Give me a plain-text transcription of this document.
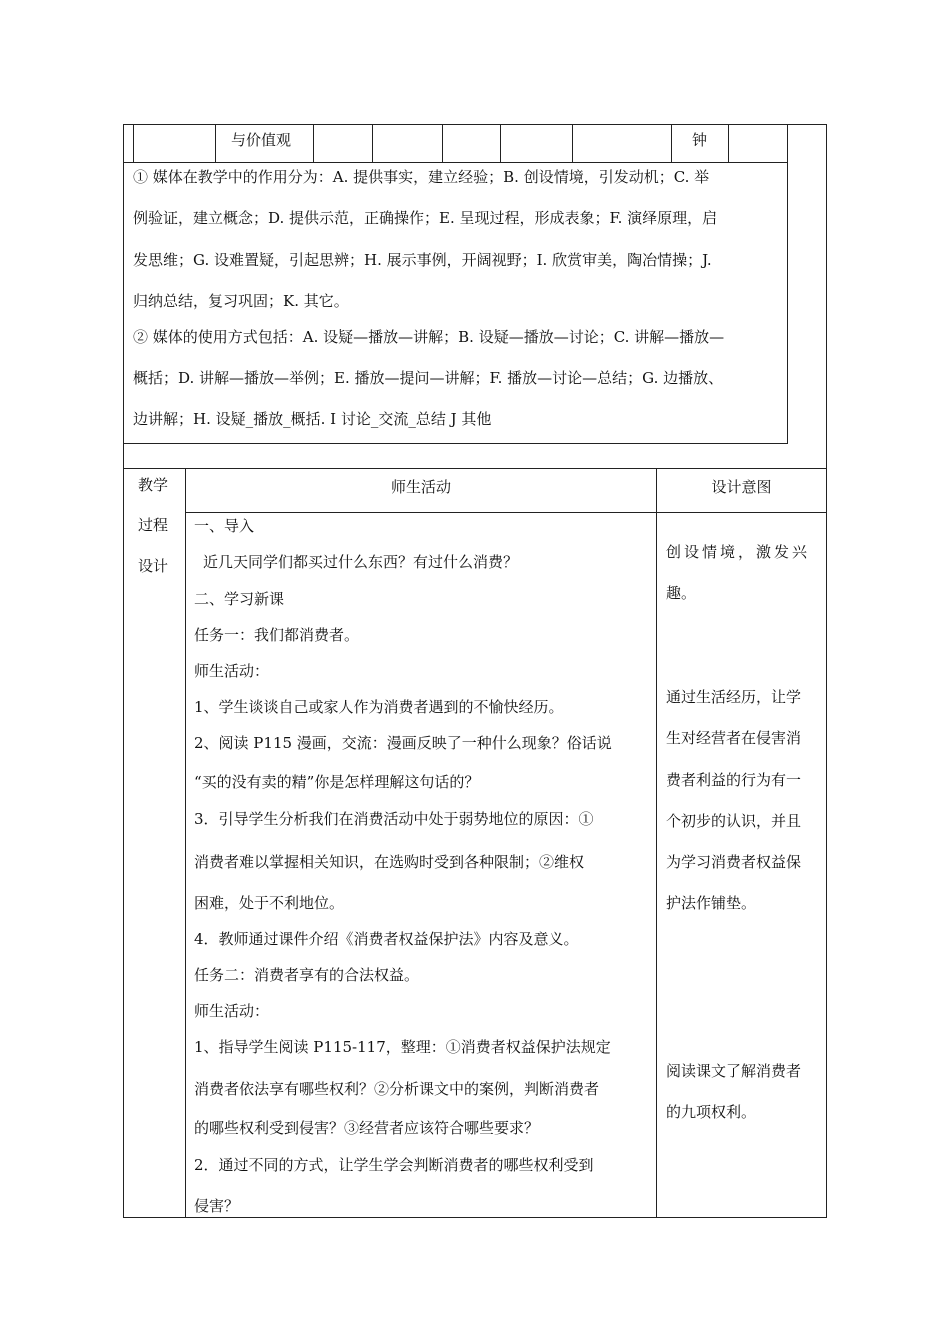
与价值观	钟
① 媒体在教学中的作用分为：A. 提供事实，建立经验；B. 创设情境，引发动机；C. 举
例验证，建立概念；D. 提供示范，正确操作；E. 呈现过程，形成表象；F. 演绎原理，启
发思维；G. 设难置疑，引起思辨；H. 展示事例，开阔视野；I. 欣赏审美，陶冶情操；J.
归纳总结，复习巩固；K. 其它。
② 媒体的使用方式包括：A. 设疑—播放—讲解；B. 设疑—播放—讨论；C. 讲解—播放—
概括；D. 讲解—播放—举例；E. 播放—提问—讲解；F. 播放—讨论—总结；G. 边播放、
边讲解；H. 设疑_播放_概括. I 讨论_交流_总结 J 其他
教学
过程
设计
师生活动	设计意图
一、导入
近几天同学们都买过什么东西？有过什么消费？
二、学习新课
任务一：我们都消费者。
师生活动：
1、学生谈谈自己或家人作为消费者遇到的不愉快经历。
2、阅读 P115 漫画，交流：漫画反映了一种什么现象？俗话说
“买的没有卖的精”你是怎样理解这句话的？
3．引导学生分析我们在消费活动中处于弱势地位的原因：①
消费者难以掌握相关知识，在选购时受到各种限制；②维权
困难，处于不利地位。
4．教师通过课件介绍《消费者权益保护法》内容及意义。
任务二：消费者享有的合法权益。
师生活动：
1、指导学生阅读 P115-117，整理：①消费者权益保护法规定
消费者依法享有哪些权利？②分析课文中的案例，判断消费者
的哪些权利受到侵害？③经营者应该符合哪些要求？
2．通过不同的方式，让学生学会判断消费者的哪些权利受到
侵害？
创设情境，激发兴
趣。
通过生活经历，让学
生对经营者在侵害消
费者利益的行为有一
个初步的认识，并且
为学习消费者权益保
护法作铺垫。
阅读课文了解消费者
的九项权利。
